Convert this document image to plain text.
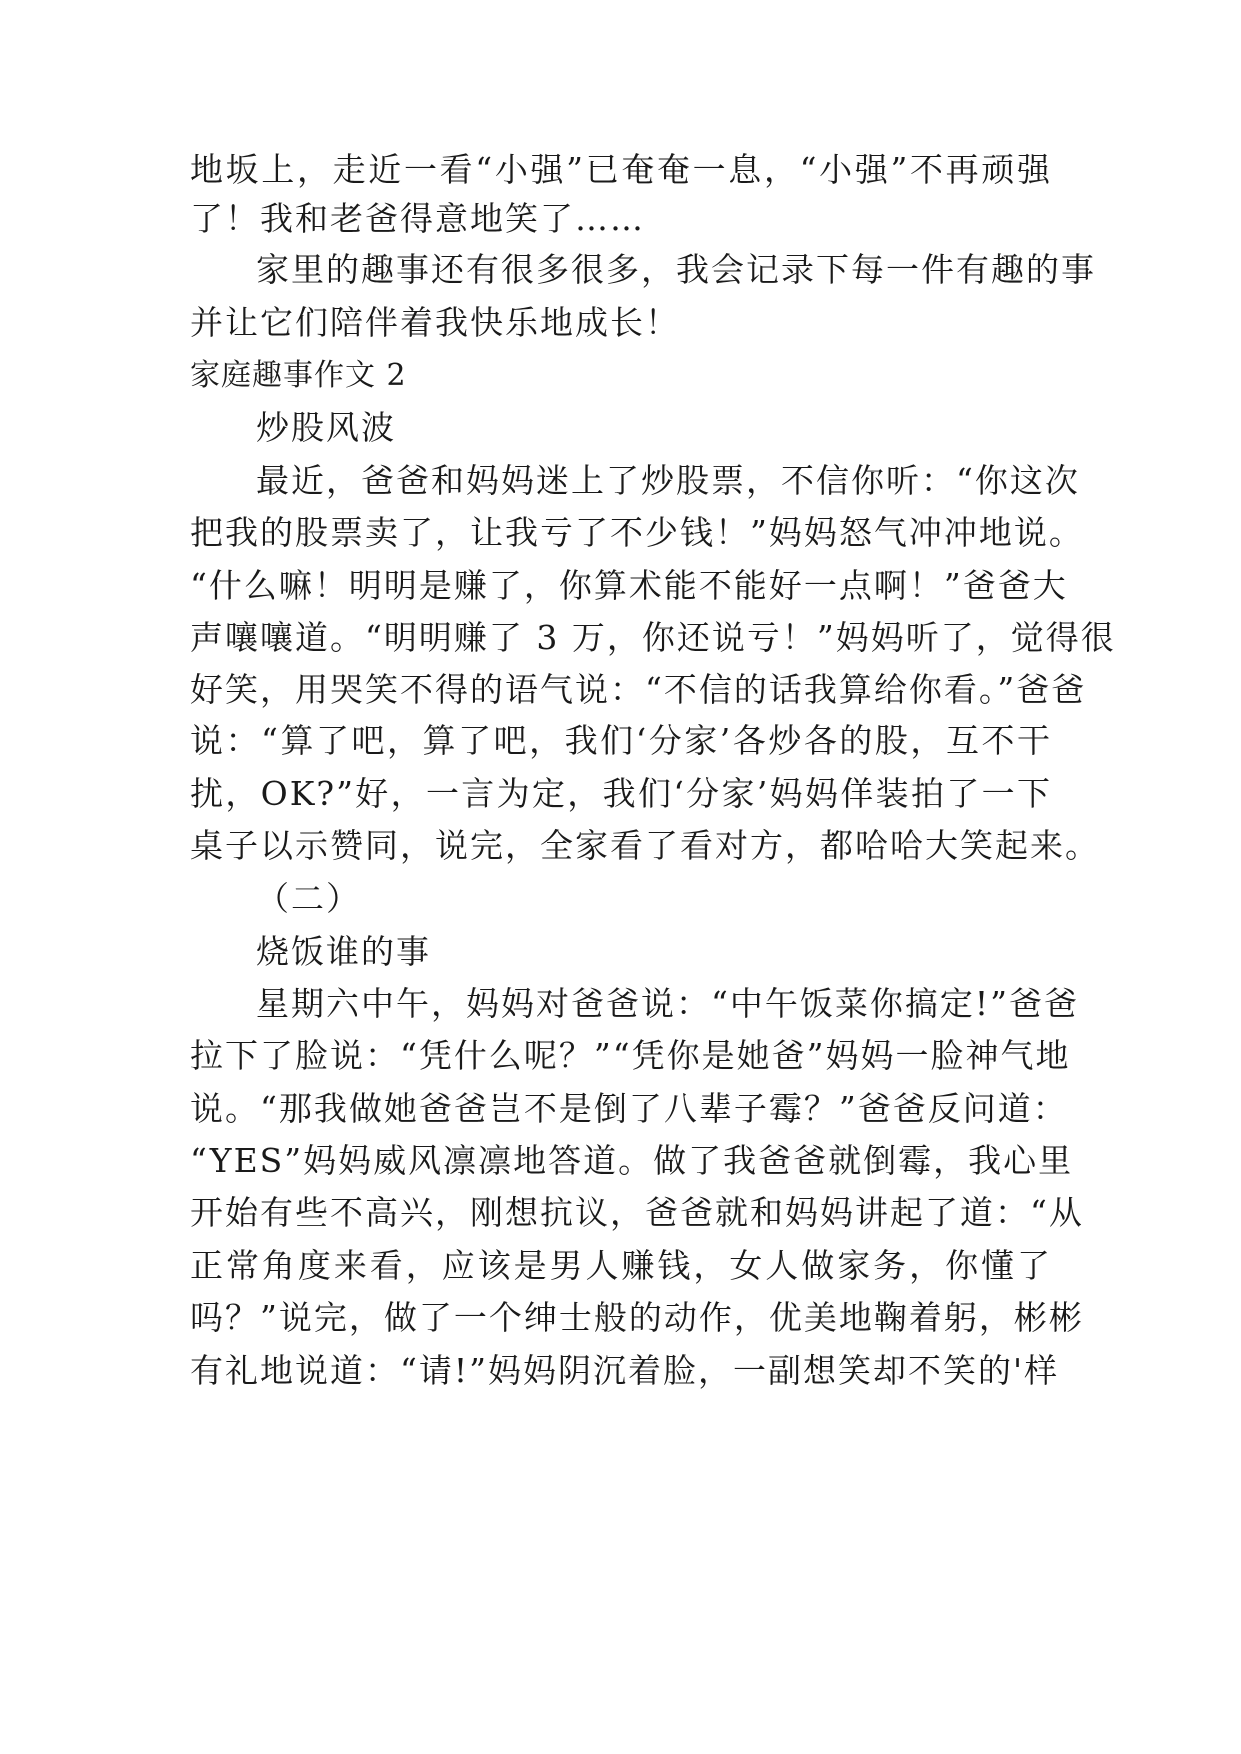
地坂上，走近一看“小强”已奄奄一息，“小强”不再顽强
了！我和老爸得意地笑了……
家里的趣事还有很多很多，我会记录下每一件有趣的事
并让它们陪伴着我快乐地成长！
家庭趣事作文 2
炒股风波
最近，爸爸和妈妈迷上了炒股票，不信你听：“你这次
把我的股票卖了，让我亏了不少钱！”妈妈怒气冲冲地说。
“什么嘛！明明是赚了，你算术能不能好一点啊！”爸爸大
声嚷嚷道。“明明赚了 3 万，你还说亏！”妈妈听了，觉得很
好笑，用哭笑不得的语气说：“不信的话我算给你看。”爸爸
说：“算了吧，算了吧，我们‘分家’各炒各的股，互不干
扰，OK?”好，一言为定，我们‘分家’妈妈佯装拍了一下
桌子以示赞同，说完，全家看了看对方，都哈哈大笑起来。
（二）
烧饭谁的事
星期六中午，妈妈对爸爸说：“中午饭菜你搞定!”爸爸
拉下了脸说：“凭什么呢？”“凭你是她爸”妈妈一脸神气地
说。“那我做她爸爸岂不是倒了八辈子霉？”爸爸反问道：
“YES”妈妈威风凛凛地答道。做了我爸爸就倒霉，我心里
开始有些不高兴，刚想抗议，爸爸就和妈妈讲起了道：“从
正常角度来看，应该是男人赚钱，女人做家务，你懂了
吗？”说完，做了一个绅士般的动作，优美地鞠着躬，彬彬
有礼地说道：“请!”妈妈阴沉着脸，一副想笑却不笑的'样
